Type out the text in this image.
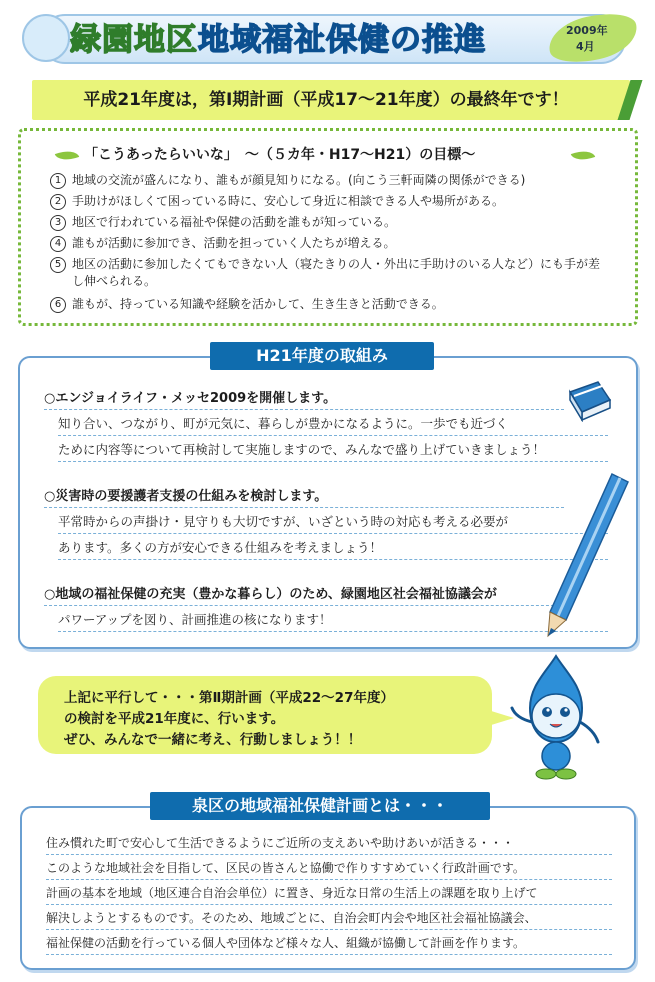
緑園地区地域福祉保健の推進	2009年
4月
平成21年度は，第Ⅰ期計画（平成17～21年度）の最終年です！
「こうあったらいいな」　～（５カ年・H17～H21）の目標～
1 地域の交流が盛んになり、誰もが顔見知りになる。(向こう三軒両隣の関係ができる)
2 手助けがほしくて困っている時に、安心して身近に相談できる人や場所がある。
3 地区で行われている福祉や保健の活動を誰もが知っている。
4 誰もが活動に参加でき、活動を担っていく人たちが増える。
5 地区の活動に参加したくてもできない人（寝たきりの人・外出に手助けのいる人など）にも手が差し伸べられる。
6 誰もが、持っている知識や経験を活かして、生き生きと活動できる。
H21年度の取組み
○エンジョイライフ・メッセ2009を開催します。
知り合い、つながり、町が元気に、暮らしが豊かになるように。一歩でも近づく
ために内容等について再検討して実施しますので、みんなで盛り上げていきましょう！
○災害時の要援護者支援の仕組みを検討します。
平常時からの声掛け・見守りも大切ですが、いざという時の対応も考える必要が
あります。多くの方が安心できる仕組みを考えましょう！
○地域の福祉保健の充実（豊かな暮らし）のため、緑園地区社会福祉協議会が
パワーアップを図り、計画推進の核になります！
上記に平行して・・・第Ⅱ期計画（平成22～27年度）
の検討を平成21年度に、行います。
ぜひ、みんなで一緒に考え、行動しましょう！！
泉区の地域福祉保健計画とは・・・
住み慣れた町で安心して生活できるようにご近所の支えあいや助けあいが活きる・・・
このような地域社会を目指して、区民の皆さんと協働で作りすすめていく行政計画です。
計画の基本を地域（地区連合自治会単位）に置き、身近な日常の生活上の課題を取り上げて
解決しようとするものです。そのため、地域ごとに、自治会町内会や地区社会福祉協議会、
福祉保健の活動を行っている個人や団体など様々な人、組織が協働して計画を作ります。
